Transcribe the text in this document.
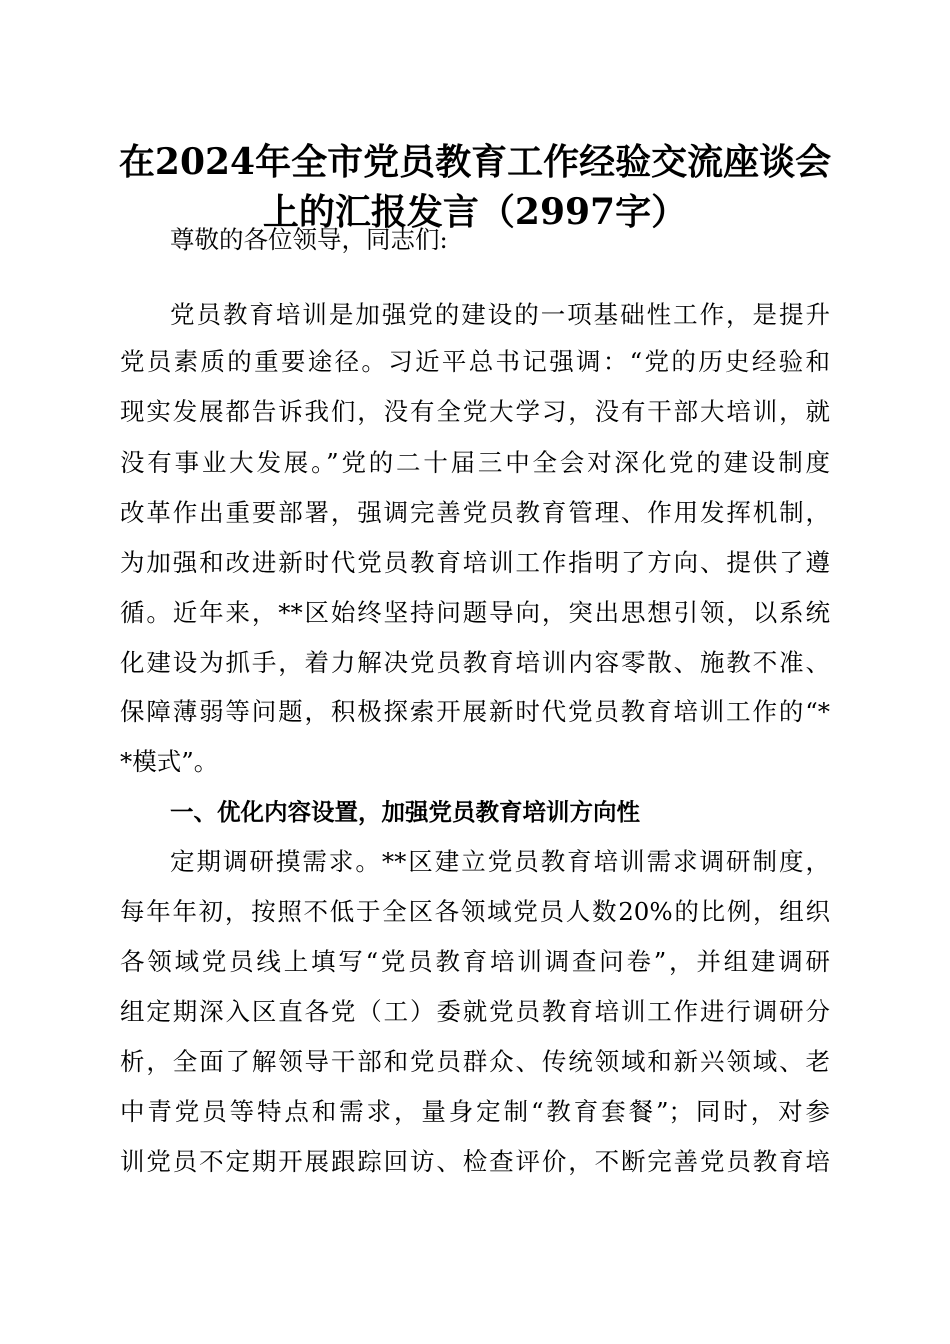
在2024年全市党员教育工作经验交流座谈会
上的汇报发言（2997字）

尊敬的各位领导，同志们:

党员教育培训是加强党的建设的一项基础性工作，是提升

党员素质的重要途径。习近平总书记强调：“党的历史经验和

现实发展都告诉我们，没有全党大学习，没有干部大培训，就

没有事业大发展。”党的二十届三中全会对深化党的建设制度

改革作出重要部署，强调完善党员教育管理、作用发挥机制，

为加强和改进新时代党员教育培训工作指明了方向、提供了遵

循。近年来，**区始终坚持问题导向，突出思想引领，以系统

化建设为抓手，着力解决党员教育培训内容零散、施教不准、

保障薄弱等问题，积极探索开展新时代党员教育培训工作的“*

*模式”。

一、优化内容设置，加强党员教育培训方向性

定期调研摸需求。**区建立党员教育培训需求调研制度，

每年年初，按照不低于全区各领域党员人数20%的比例，组织

各领域党员线上填写“党员教育培训调查问卷”，并组建调研

组定期深入区直各党（工）委就党员教育培训工作进行调研分

析，全面了解领导干部和党员群众、传统领域和新兴领域、老

中青党员等特点和需求，量身定制“教育套餐”；同时，对参

训党员不定期开展跟踪回访、检查评价，不断完善党员教育培
